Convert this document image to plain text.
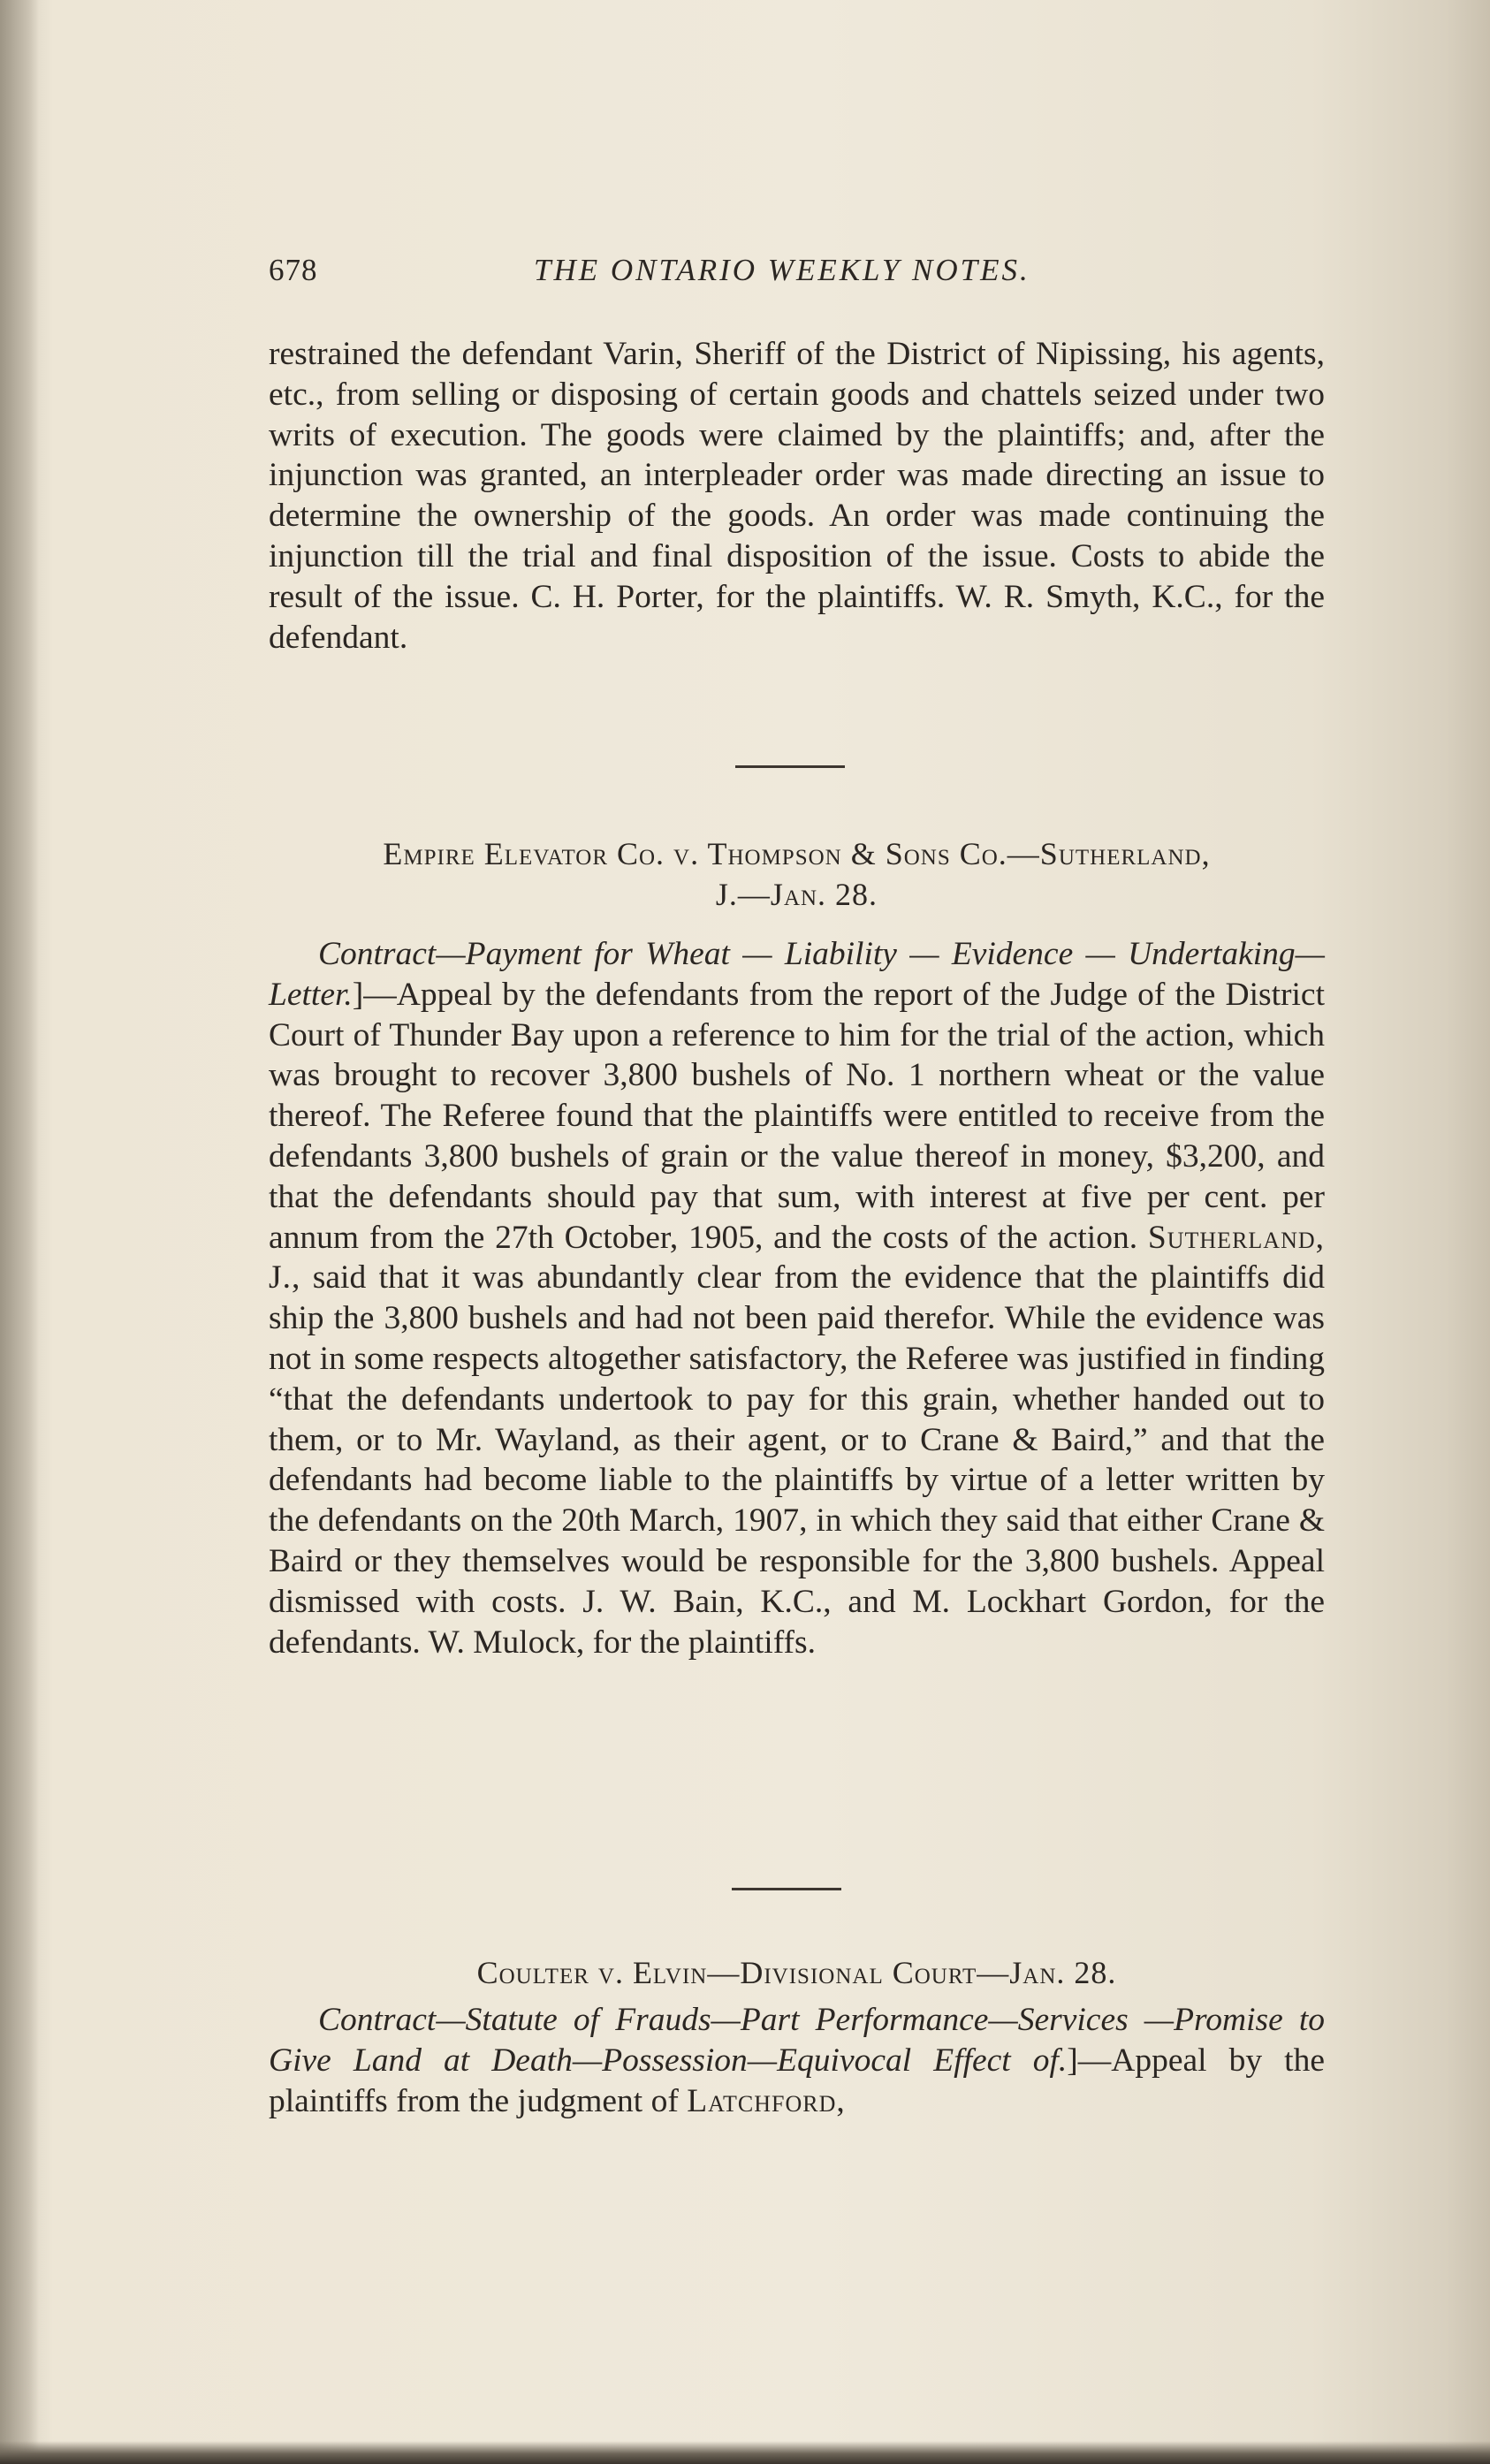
678	THE ONTARIO WEEKLY NOTES.

restrained the defendant Varin, Sheriff of the District of Nipissing, his agents, etc., from selling or disposing of certain goods and chattels seized under two writs of execution. The goods were claimed by the plaintiffs; and, after the injunction was granted, an interpleader order was made directing an issue to determine the ownership of the goods. An order was made continuing the injunction till the trial and final disposition of the issue. Costs to abide the result of the issue. C. H. Porter, for the plaintiffs. W. R. Smyth, K.C., for the defendant.

Empire Elevator Co. v. Thompson & Sons Co.—Sutherland,
J.—Jan. 28.

Contract—Payment for Wheat — Liability — Evidence — Undertaking—Letter.]—Appeal by the defendants from the report of the Judge of the District Court of Thunder Bay upon a reference to him for the trial of the action, which was brought to recover 3,800 bushels of No. 1 northern wheat or the value thereof. The Referee found that the plaintiffs were entitled to receive from the defendants 3,800 bushels of grain or the value thereof in money, $3,200, and that the defendants should pay that sum, with interest at five per cent. per annum from the 27th October, 1905, and the costs of the action. Sutherland, J., said that it was abundantly clear from the evidence that the plaintiffs did ship the 3,800 bushels and had not been paid therefor. While the evidence was not in some respects altogether satisfactory, the Referee was justified in finding “that the defendants undertook to pay for this grain, whether handed out to them, or to Mr. Wayland, as their agent, or to Crane & Baird,” and that the defendants had become liable to the plaintiffs by virtue of a letter written by the defendants on the 20th March, 1907, in which they said that either Crane & Baird or they themselves would be responsible for the 3,800 bushels. Appeal dismissed with costs. J. W. Bain, K.C., and M. Lockhart Gordon, for the defendants. W. Mulock, for the plaintiffs.

Coulter v. Elvin—Divisional Court—Jan. 28.

Contract—Statute of Frauds—Part Performance—Services —Promise to Give Land at Death—Possession—Equivocal Effect of.]—Appeal by the plaintiffs from the judgment of Latchford,
